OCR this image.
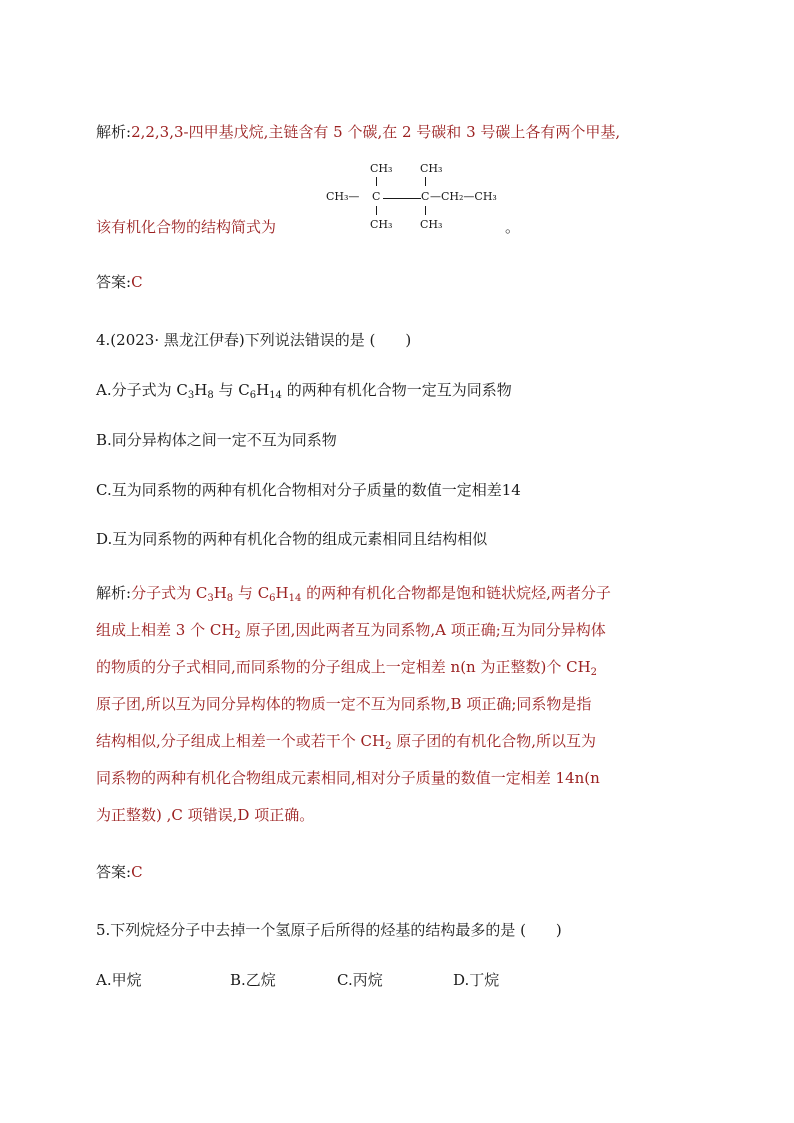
解析:2,2,3,3-四甲基戊烷,主链含有 5 个碳,在 2 号碳和 3 号碳上各有两个甲基,
CH₃	CH₃
CH₃— C	C —CH₂—CH₃
CH₃	CH₃
该有机化合物的结构简式为	。
答案:C
4.(2023· 黑龙江伊春)下列说法错误的是 (　　)
A.分子式为 $C_3H_8$ 与 $C_6H_{14}$ 的两种有机化合物一定互为同系物
B.同分异构体之间一定不互为同系物
C.互为同系物的两种有机化合物相对分子质量的数值一定相差14
D.互为同系物的两种有机化合物的组成元素相同且结构相似
解析:分子式为 $C_3H_8$ 与 $C_6H_{14}$ 的两种有机化合物都是饱和链状烷烃,两者分子
组成上相差 3 个 $CH_2$ 原子团,因此两者互为同系物,A 项正确;互为同分异构体
的物质的分子式相同,而同系物的分子组成上一定相差 n(n 为正整数)个 $CH_2$
原子团,所以互为同分异构体的物质一定不互为同系物,B 项正确;同系物是指
结构相似,分子组成上相差一个或若干个 $CH_2$ 原子团的有机化合物,所以互为
同系物的两种有机化合物组成元素相同,相对分子质量的数值一定相差 14n(n
为正整数) ,C 项错误,D 项正确。
答案:C
5.下列烷烃分子中去掉一个氢原子后所得的烃基的结构最多的是 (　　)
A.甲烷	B.乙烷	C.丙烷	D.丁烷
